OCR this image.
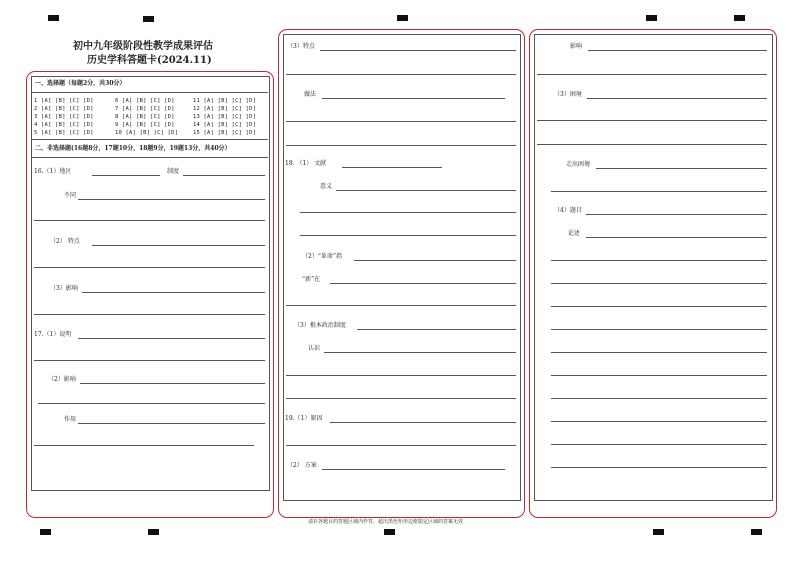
初中九年级阶段性教学成果评估
历史学科答题卡(2024.11)
一、选择题（每题2分，共30分）
1 [A] [B] [C] [D]	6 [A] [B] [C] [D]	11 [A] [B] [C] [D]
2 [A] [B] [C] [D]	7 [A] [B] [C] [D]	12 [A] [B] [C] [D]
3 [A] [B] [C] [D]	8 [A] [B] [C] [D]	13 [A] [B] [C] [D]
4 [A] [B] [C] [D]	9 [A] [B] [C] [D]	14 [A] [B] [C] [D]
5 [A] [B] [C] [D]	10 [A] [B] [C] [D]	15 [A] [B] [C] [D]
二、非选择题(16题8分，17题10分，18题9分，19题13分，共40分）
16.（1）地区	制度
不同
（2） 特点
（3）影响
17.（1）说明
（2）影响
作用
（3）特点
做法
18. （1） 文献
意义
（2）“革命”指
“新”在
（3）根本政治制度
认识
19.（1）原因
（2） 方案
影响
（3）困境
走出困境
（4）题目
论述
请在各题目的答题区域内作答，超出黑色矩形边框限定区域的答案无效
